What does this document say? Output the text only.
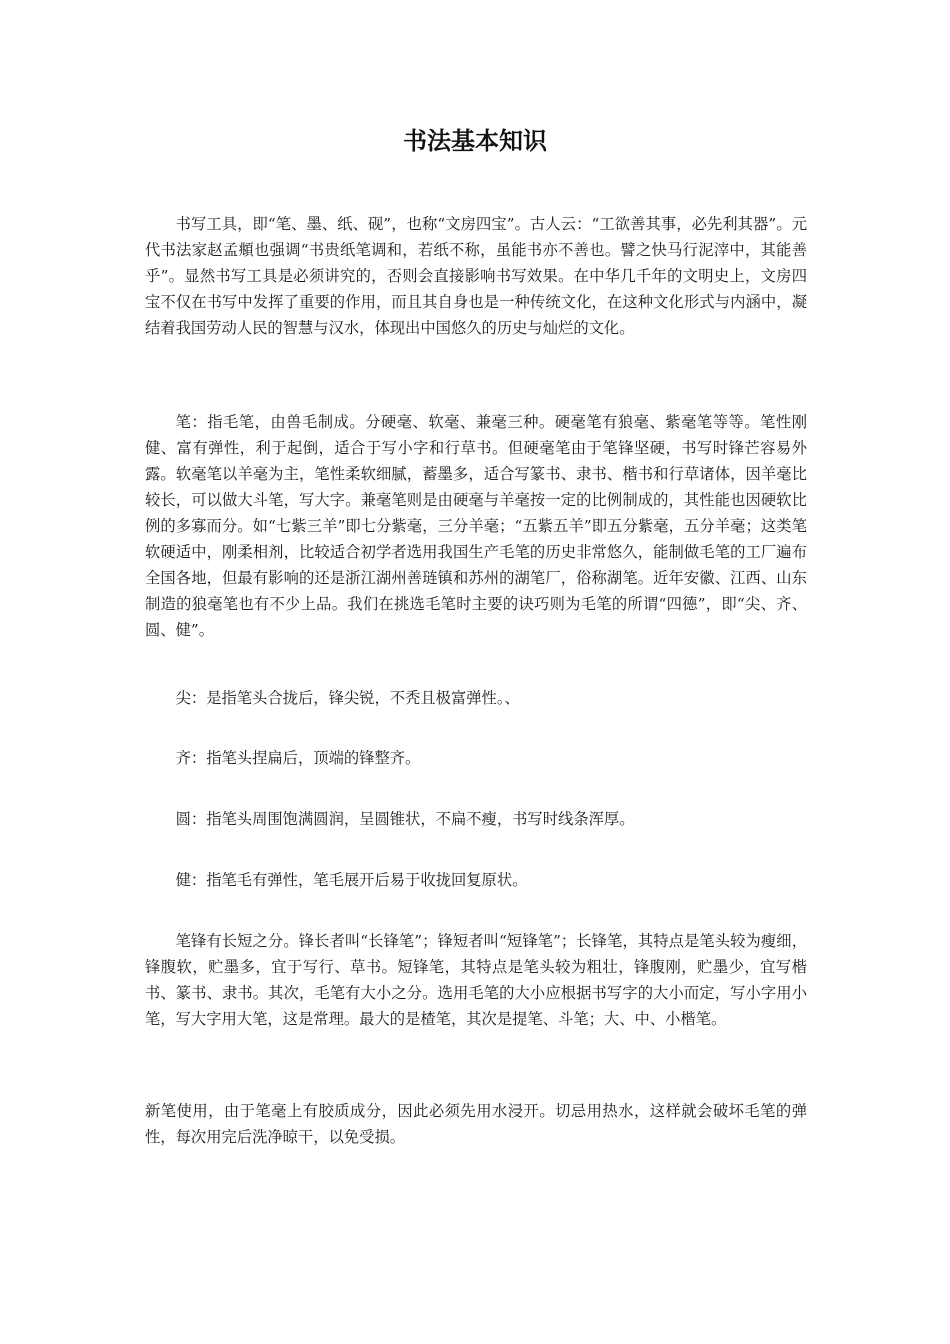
书法基本知识

书写工具，即“笔、墨、纸、砚”，也称“文房四宝”。古人云：“工欲善其事，必先利其器”。元代书法家赵孟頫也强调“书贵纸笔调和，若纸不称，虽能书亦不善也。譬之快马行泥滓中，其能善乎”。显然书写工具是必须讲究的，否则会直接影响书写效果。在中华几千年的文明史上，文房四宝不仅在书写中发挥了重要的作用，而且其自身也是一种传统文化，在这种文化形式与内涵中，凝结着我国劳动人民的智慧与汉水，体现出中国悠久的历史与灿烂的文化。

笔：指毛笔，由兽毛制成。分硬毫、软毫、兼毫三种。硬毫笔有狼毫、紫毫笔等等。笔性刚健、富有弹性，利于起倒，适合于写小字和行草书。但硬毫笔由于笔锋坚硬，书写时锋芒容易外露。软毫笔以羊毫为主，笔性柔软细腻，蓄墨多，适合写篆书、隶书、楷书和行草诸体，因羊毫比较长，可以做大斗笔，写大字。兼毫笔则是由硬毫与羊毫按一定的比例制成的，其性能也因硬软比例的多寡而分。如“七紫三羊”即七分紫毫，三分羊毫；“五紫五羊”即五分紫毫，五分羊毫；这类笔软硬适中，刚柔相剂，比较适合初学者选用我国生产毛笔的历史非常悠久，能制做毛笔的工厂遍布全国各地，但最有影响的还是浙江湖州善琏镇和苏州的湖笔厂，俗称湖笔。近年安徽、江西、山东制造的狼毫笔也有不少上品。我们在挑选毛笔时主要的诀巧则为毛笔的所谓“四德”，即“尖、齐、圆、健”。

尖：是指笔头合拢后，锋尖锐，不秃且极富弹性。、

齐：指笔头捏扁后，顶端的锋整齐。

圆：指笔头周围饱满圆润，呈圆锥状，不扁不瘦，书写时线条浑厚。

健：指笔毛有弹性，笔毛展开后易于收拢回复原状。

笔锋有长短之分。锋长者叫“长锋笔”；锋短者叫“短锋笔”；长锋笔，其特点是笔头较为瘦细，锋腹软，贮墨多，宜于写行、草书。短锋笔，其特点是笔头较为粗壮，锋腹刚，贮墨少，宜写楷书、篆书、隶书。其次，毛笔有大小之分。选用毛笔的大小应根据书写字的大小而定，写小字用小笔，写大字用大笔，这是常理。最大的是楂笔，其次是提笔、斗笔；大、中、小楷笔。

新笔使用，由于笔毫上有胶质成分，因此必须先用水浸开。切忌用热水，这样就会破坏毛笔的弹性，每次用完后洗净晾干，以免受损。
